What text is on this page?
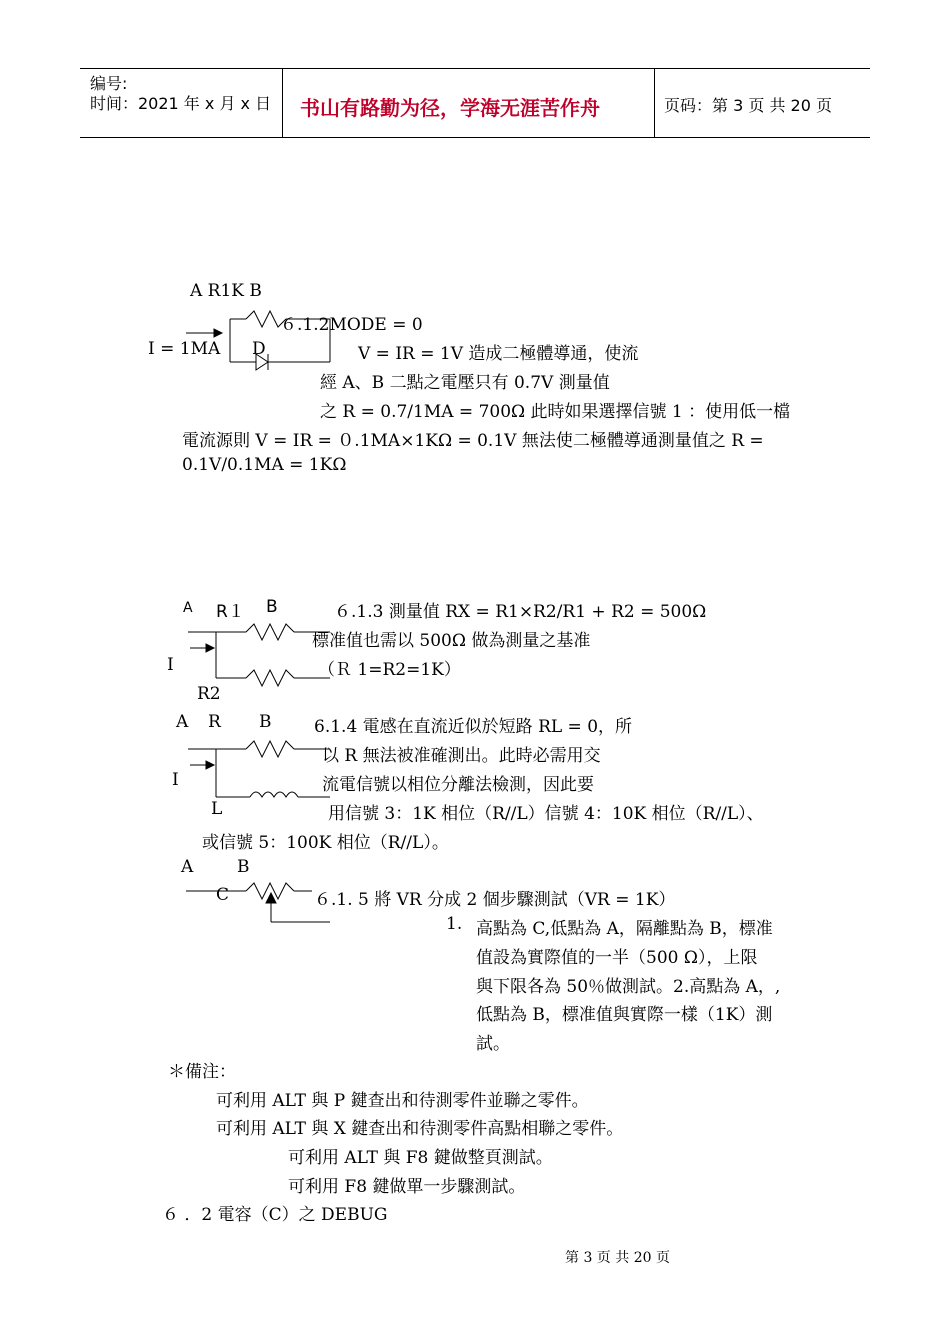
编号:
时间：2021 年 x 月 x 日 书山有路勤为径，学海无涯苦作舟	页码：第 3 页 共 20 页
A R1K B
I = 1MA D
６.1.2MODE = 0
V = IR = 1V 造成二極體導通，使流
經 A、B 二點之電壓只有 0.7V 測量值
之 R = 0.7/1MA = 700Ω 此時如果選擇信號 1 ：使用低一檔
電流源則 V = IR = ０.1MA×1KΩ = 0.1V 無法使二極體導通測量值之 R =
0.1V/0.1MA = 1KΩ
A R１ B
I
R2
６.1.3 測量值 RX = R1×R2/R1 + R2 = 500Ω
標准值也需以 500Ω 做為測量之基准
（Ｒ 1=R2=1K）
A R B
I
L
6.1.4 電感在直流近似於短路 RL = 0，所
以 R 無法被准確測出。此時必需用交
流電信號以相位分離法檢測，因此要
用信號 3：1K 相位（R//L）信號 4：10K 相位（R//L）、
或信號 5：100K 相位（R//L）。
A	B
C	６.1. 5 將 VR 分成 2 個步驟測試（VR = 1K）
1. 高點為 C,低點為 A，隔離點為 B，標准
值設為實際值的一半（500 Ω），上限
與下限各為 50％做測試。2.高點為 A，,
低點為 B，標准值與實際一樣（1K）測
試。
＊備注：
可利用 ALT 與 P 鍵查出和待測零件並聯之零件。
可利用 ALT 與 X 鍵查出和待測零件高點相聯之零件。
可利用 ALT 與 F8 鍵做整頁測試。
可利用 F8 鍵做單一步驟測試。
６ ．2 電容（C）之 DEBUG
第 3 页 共 20 页
